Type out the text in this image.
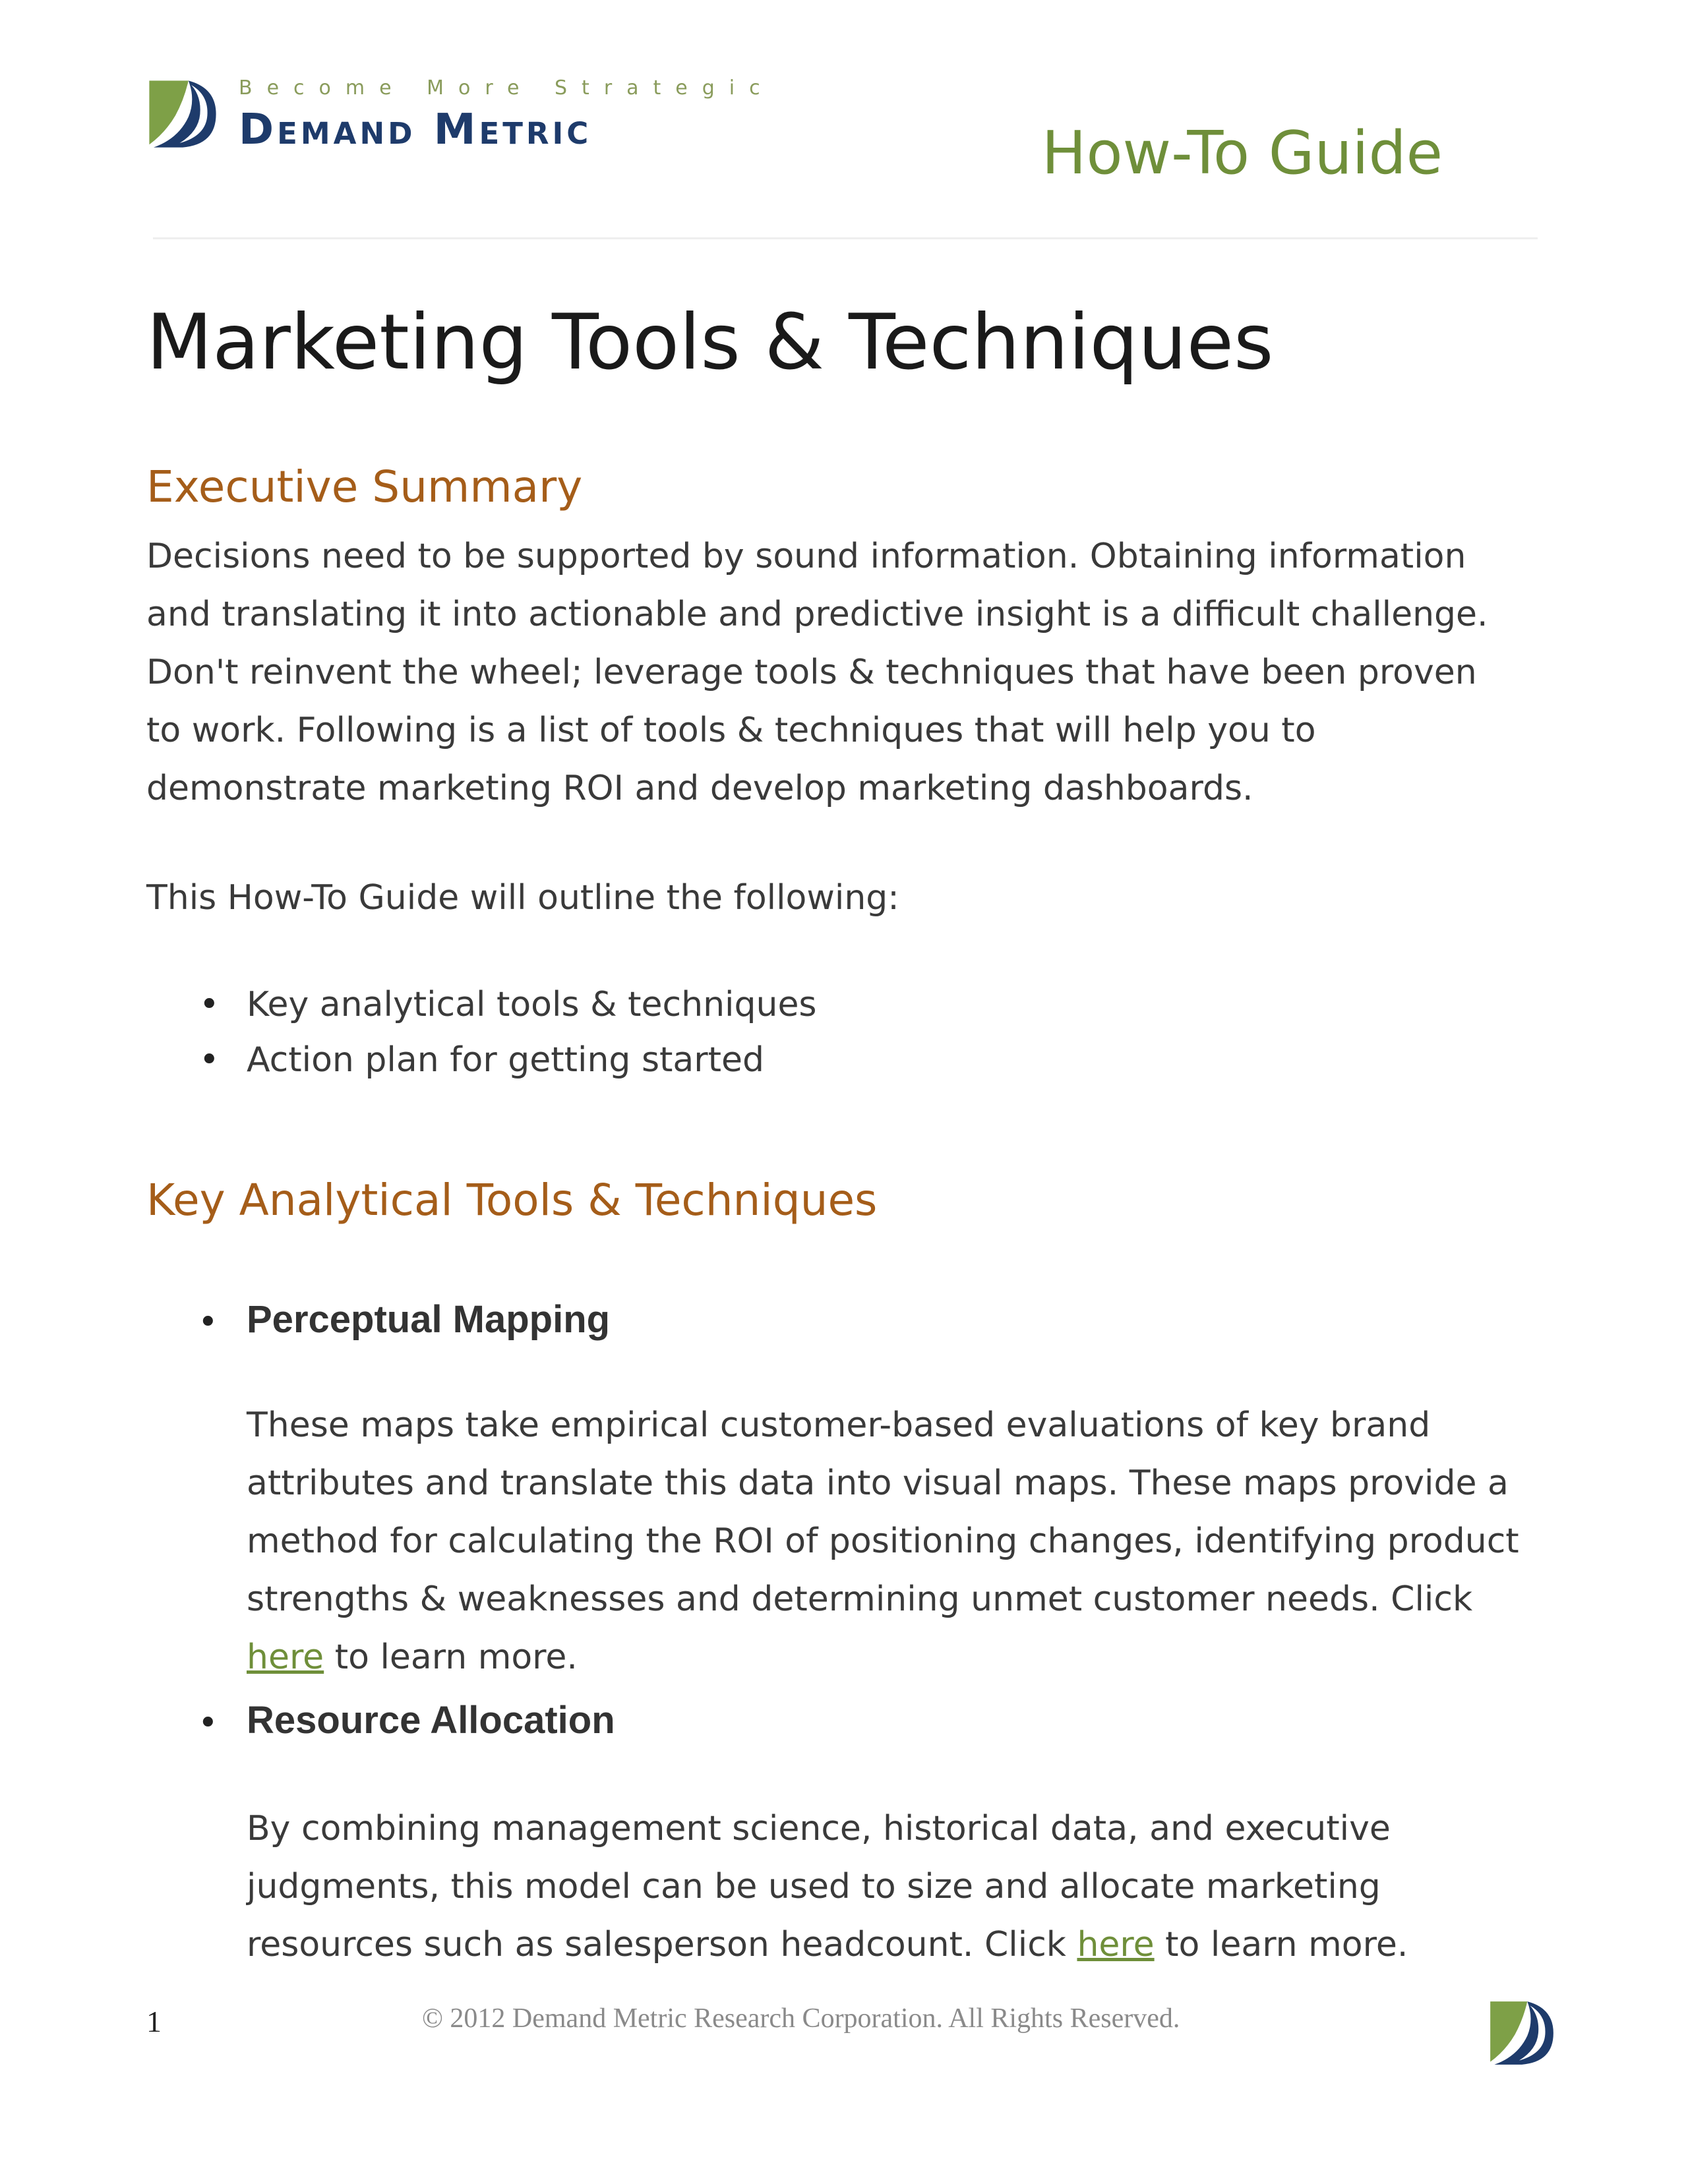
Become More Strategic
Demand Metric	How-To Guide
Marketing Tools & Techniques
Executive Summary

Decisions need to be supported by sound information. Obtaining information and translating it into actionable and predictive insight is a difficult challenge. Don't reinvent the wheel; leverage tools & techniques that have been proven to work. Following is a list of tools & techniques that will help you to demonstrate marketing ROI and develop marketing dashboards.

This How-To Guide will outline the following:

• Key analytical tools & techniques
• Action plan for getting started
Key Analytical Tools & Techniques
• Perceptual Mapping

These maps take empirical customer-based evaluations of key brand attributes and translate this data into visual maps. These maps provide a method for calculating the ROI of positioning changes, identifying product strengths & weaknesses and determining unmet customer needs. Click here to learn more.

• Resource Allocation

By combining management science, historical data, and executive judgments, this model can be used to size and allocate marketing resources such as salesperson headcount. Click here to learn more.

1	© 2012 Demand Metric Research Corporation. All Rights Reserved.
